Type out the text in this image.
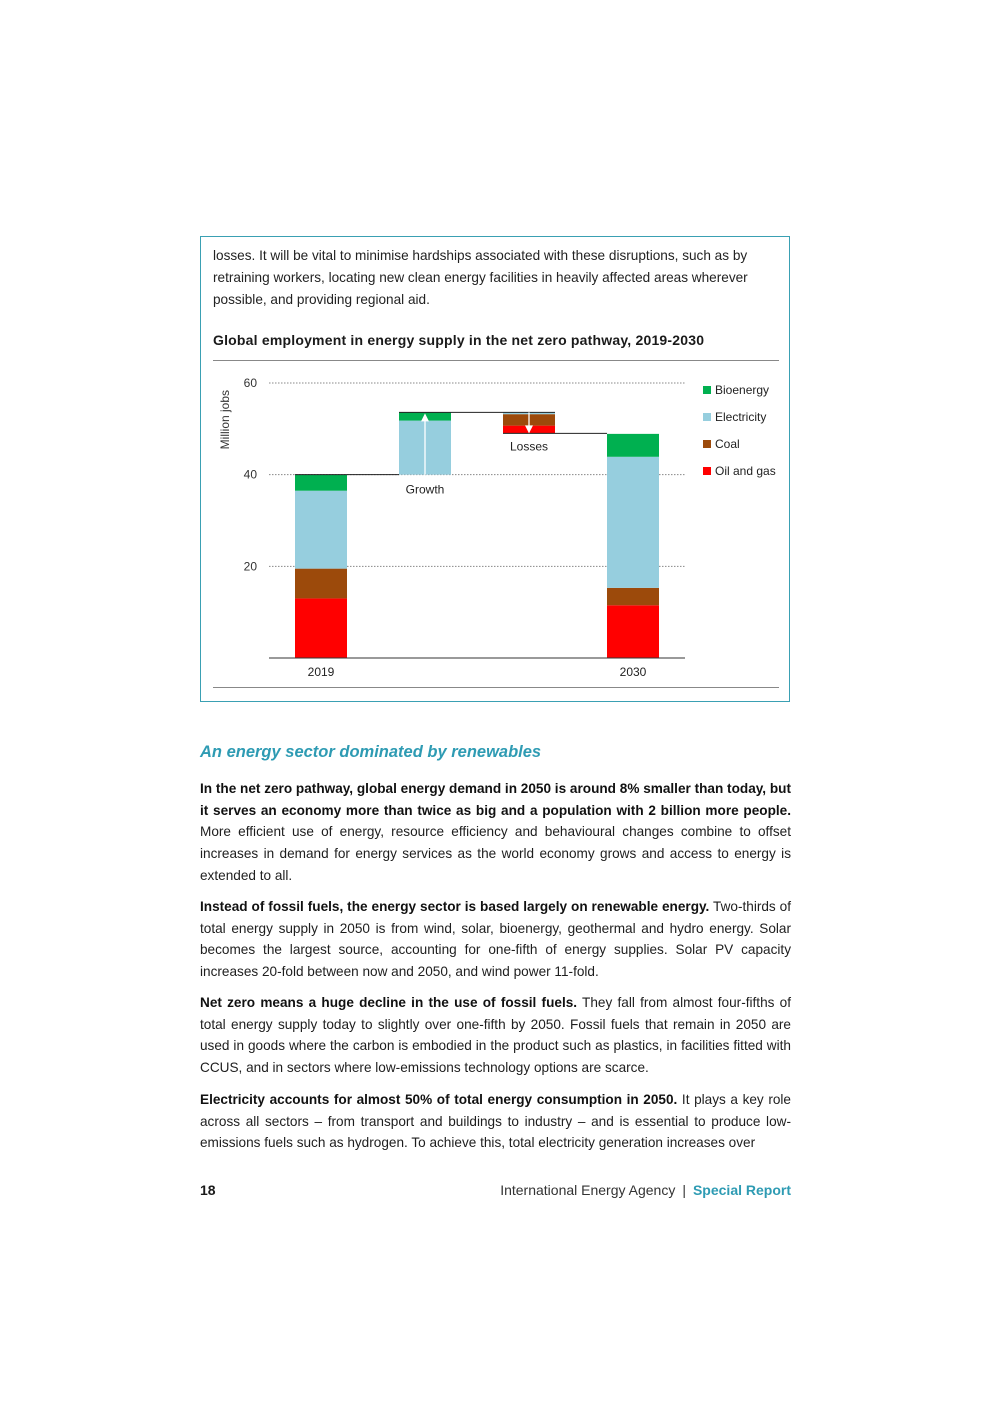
losses. It will be vital to minimise hardships associated with these disruptions, such as by retraining workers, locating new clean energy facilities in heavily affected areas wherever possible, and providing regional aid.
Global employment in energy supply in the net zero pathway, 2019-2030
20
40
60
Million jobs
Growth
Losses
2019	2030
Bioenergy
Electricity
Coal
Oil and gas
An energy sector dominated by renewables

In the net zero pathway, global energy demand in 2050 is around 8% smaller than today, but it serves an economy more than twice as big and a population with 2 billion more people. More efficient use of energy, resource efficiency and behavioural changes combine to offset increases in demand for energy services as the world economy grows and access to energy is extended to all.

Instead of fossil fuels, the energy sector is based largely on renewable energy. Two-thirds of total energy supply in 2050 is from wind, solar, bioenergy, geothermal and hydro energy. Solar becomes the largest source, accounting for one-fifth of energy supplies. Solar PV capacity increases 20-fold between now and 2050, and wind power 11-fold.

Net zero means a huge decline in the use of fossil fuels. They fall from almost four-fifths of total energy supply today to slightly over one-fifth by 2050. Fossil fuels that remain in 2050 are used in goods where the carbon is embodied in the product such as plastics, in facilities fitted with CCUS, and in sectors where low-emissions technology options are scarce.

Electricity accounts for almost 50% of total energy consumption in 2050. It plays a key role across all sectors – from transport and buildings to industry – and is essential to produce low-emissions fuels such as hydrogen. To achieve this, total electricity generation increases over

18	International Energy Agency | Special Report
